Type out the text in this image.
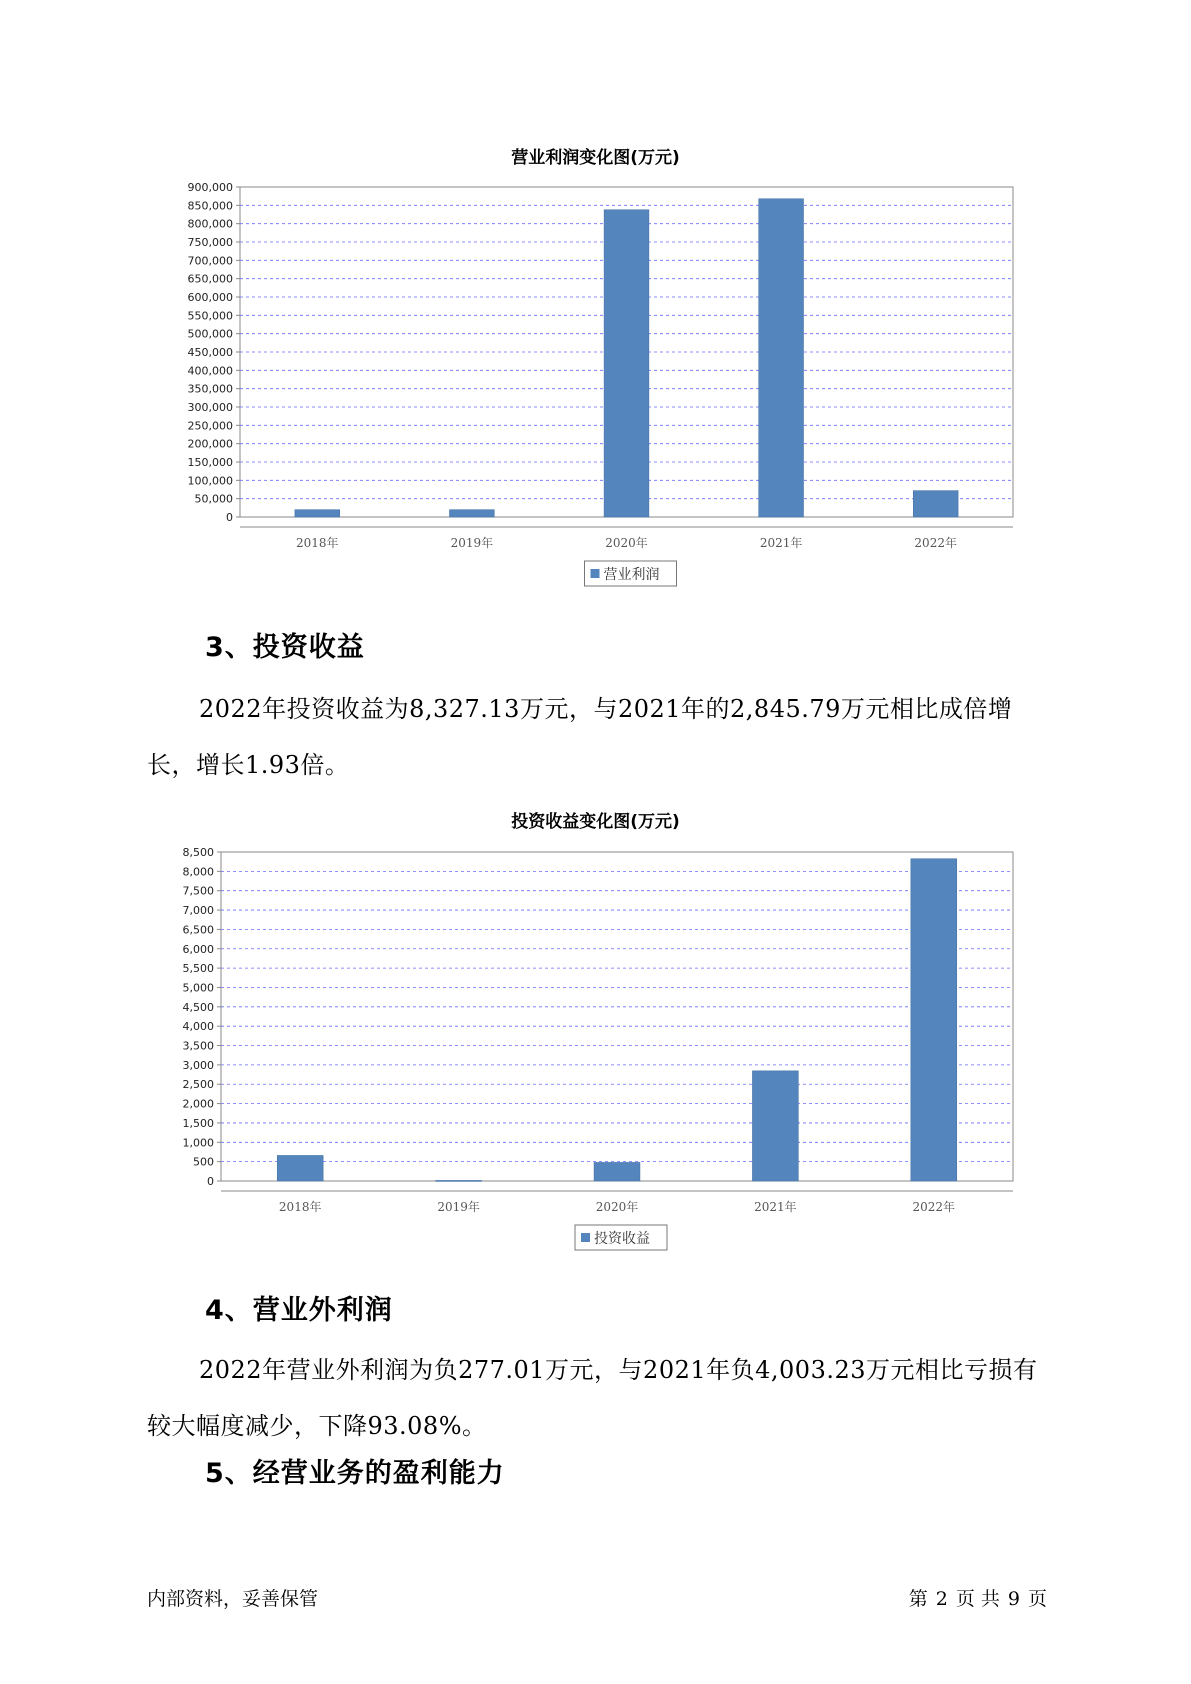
营业利润变化图(万元)
0
50,000
100,000
150,000
200,000
250,000
300,000
350,000
400,000
450,000
500,000
550,000
600,000
650,000
700,000
750,000
800,000
850,000
900,000
2018年	2019年	2020年	2021年	2022年
营业利润
3、投资收益
2022年投资收益为8,327.13万元，与2021年的2,845.79万元相比成倍增长，增长1.93倍。
投资收益变化图(万元)
0
500
1,000
1,500
2,000
2,500
3,000
3,500
4,000
4,500
5,000
5,500
6,000
6,500
7,000
7,500
8,000
8,500
2018年	2019年	2020年	2021年	2022年
投资收益
4、营业外利润
2022年营业外利润为负277.01万元，与2021年负4,003.23万元相比亏损有较大幅度减少，下降93.08%。
5、经营业务的盈利能力
内部资料，妥善保管	第 2 页 共 9 页
